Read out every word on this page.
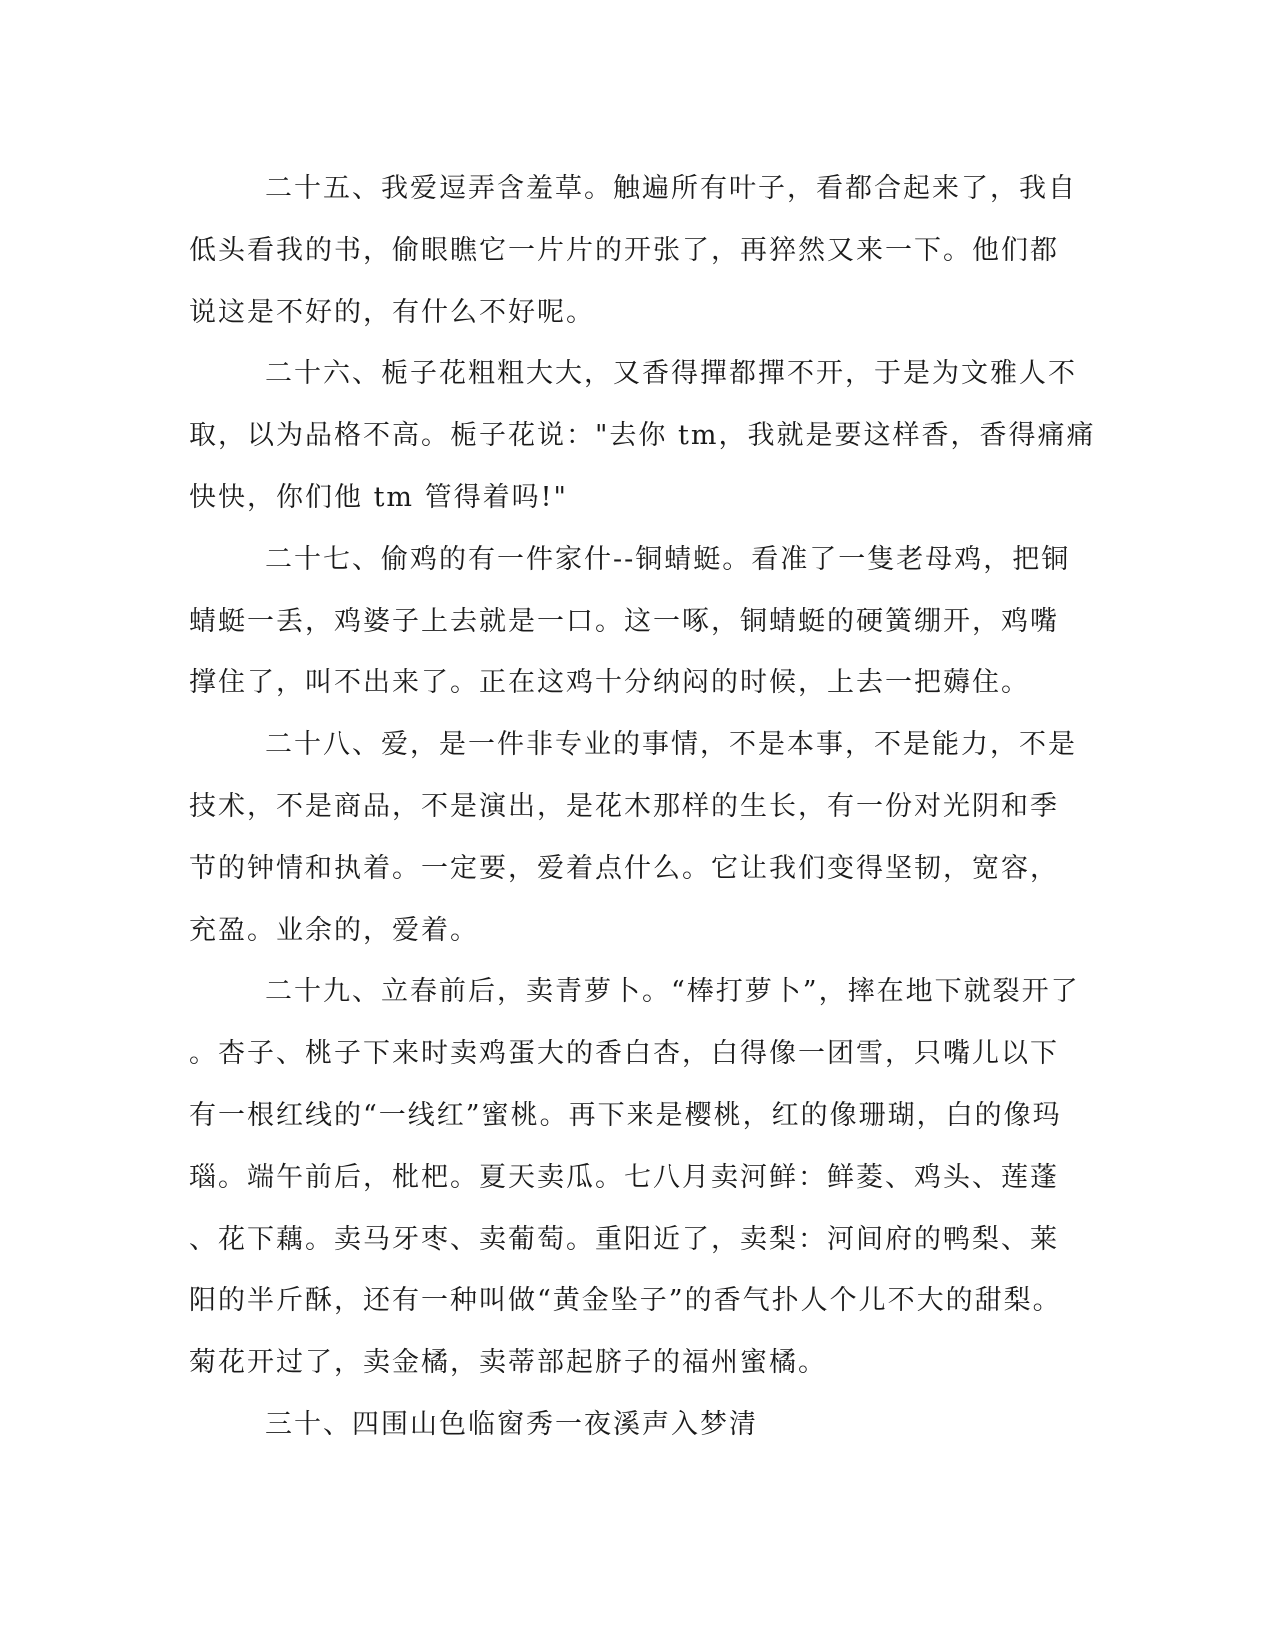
二十五、我爱逗弄含羞草。触遍所有叶子，看都合起来了，我自
低头看我的书，偷眼瞧它一片片的开张了，再猝然又来一下。他们都
说这是不好的，有什么不好呢。
二十六、栀子花粗粗大大，又香得撣都撣不开，于是为文雅人不
取，以为品格不高。栀子花说："去你 tm，我就是要这样香，香得痛痛
快快，你们他 tm 管得着吗!"
二十七、偷鸡的有一件家什--铜蜻蜓。看准了一隻老母鸡，把铜
蜻蜓一丢，鸡婆子上去就是一口。这一啄，铜蜻蜓的硬簧绷开，鸡嘴
撑住了，叫不出来了。正在这鸡十分纳闷的时候，上去一把薅住。
二十八、爱，是一件非专业的事情，不是本事，不是能力，不是
技术，不是商品，不是演出，是花木那样的生长，有一份对光阴和季
节的钟情和执着。一定要，爱着点什么。它让我们变得坚韧，宽容，
充盈。业余的，爱着。
二十九、立春前后，卖青萝卜。“棒打萝卜”，摔在地下就裂开了
。杏子、桃子下来时卖鸡蛋大的香白杏，白得像一团雪，只嘴儿以下
有一根红线的“一线红”蜜桃。再下来是樱桃，红的像珊瑚，白的像玛
瑙。端午前后，枇杷。夏天卖瓜。七八月卖河鲜：鲜菱、鸡头、莲蓬
、花下藕。卖马牙枣、卖葡萄。重阳近了，卖梨：河间府的鸭梨、莱
阳的半斤酥，还有一种叫做“黄金坠子”的香气扑人个儿不大的甜梨。
菊花开过了，卖金橘，卖蒂部起脐子的福州蜜橘。
三十、四围山色临窗秀一夜溪声入梦清
